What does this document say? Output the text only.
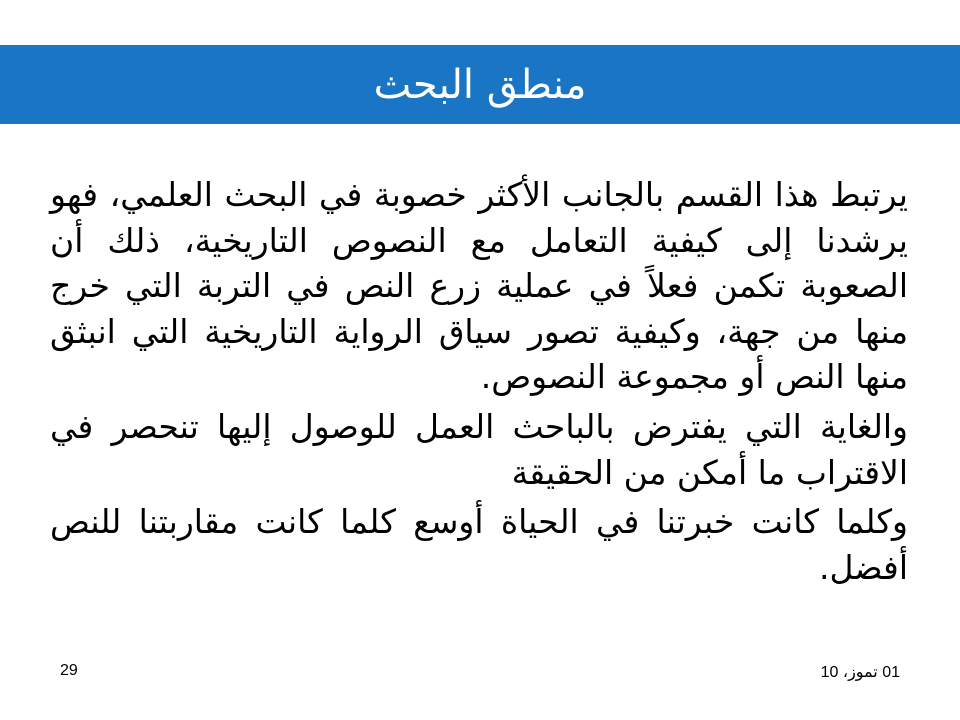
منطق البحث

يرتبط هذا القسم بالجانب الأكثر خصوبة في البحث العلمي، فهو يرشدنا إلى كيفية التعامل مع النصوص التاريخية، ذلك أن الصعوبة تكمن فعلاً في عملية زرع النص في التربة التي خرج منها من جهة، وكيفية تصور سياق الرواية التاريخية التي انبثق منها النص أو مجموعة النصوص.

والغاية التي يفترض بالباحث العمل للوصول إليها تنحصر في الاقتراب ما أمكن من الحقيقة

وكلما كانت خبرتنا في الحياة أوسع كلما كانت مقاربتنا للنص أفضل.

01 تموز، 10
29
